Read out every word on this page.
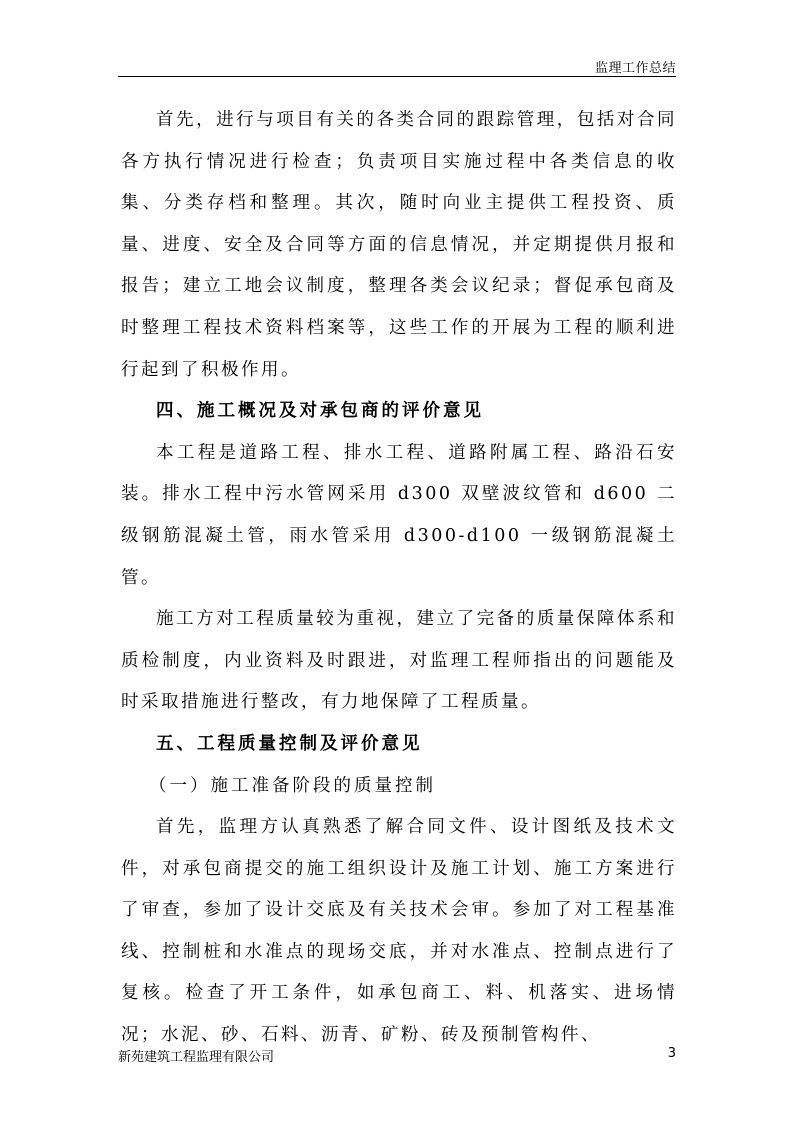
监理工作总结

首先，进行与项目有关的各类合同的跟踪管理，包括对合同各方执行情况进行检查；负责项目实施过程中各类信息的收集、分类存档和整理。其次，随时向业主提供工程投资、质量、进度、安全及合同等方面的信息情况，并定期提供月报和报告；建立工地会议制度，整理各类会议纪录；督促承包商及时整理工程技术资料档案等，这些工作的开展为工程的顺利进行起到了积极作用。

四、施工概况及对承包商的评价意见

本工程是道路工程、排水工程、道路附属工程、路沿石安装。排水工程中污水管网采用 d300 双壁波纹管和 d600 二级钢筋混凝土管，雨水管采用 d300-d100 一级钢筋混凝土管。

施工方对工程质量较为重视，建立了完备的质量保障体系和质检制度，内业资料及时跟进，对监理工程师指出的问题能及时采取措施进行整改，有力地保障了工程质量。

五、工程质量控制及评价意见

（一）施工准备阶段的质量控制

首先，监理方认真熟悉了解合同文件、设计图纸及技术文件，对承包商提交的施工组织设计及施工计划、施工方案进行了审查，参加了设计交底及有关技术会审。参加了对工程基准线、控制桩和水准点的现场交底，并对水准点、控制点进行了复核。检查了开工条件，如承包商工、料、机落实、进场情况；水泥、砂、石料、沥青、矿粉、砖及预制管构件、

新苑建筑工程监理有限公司	3
